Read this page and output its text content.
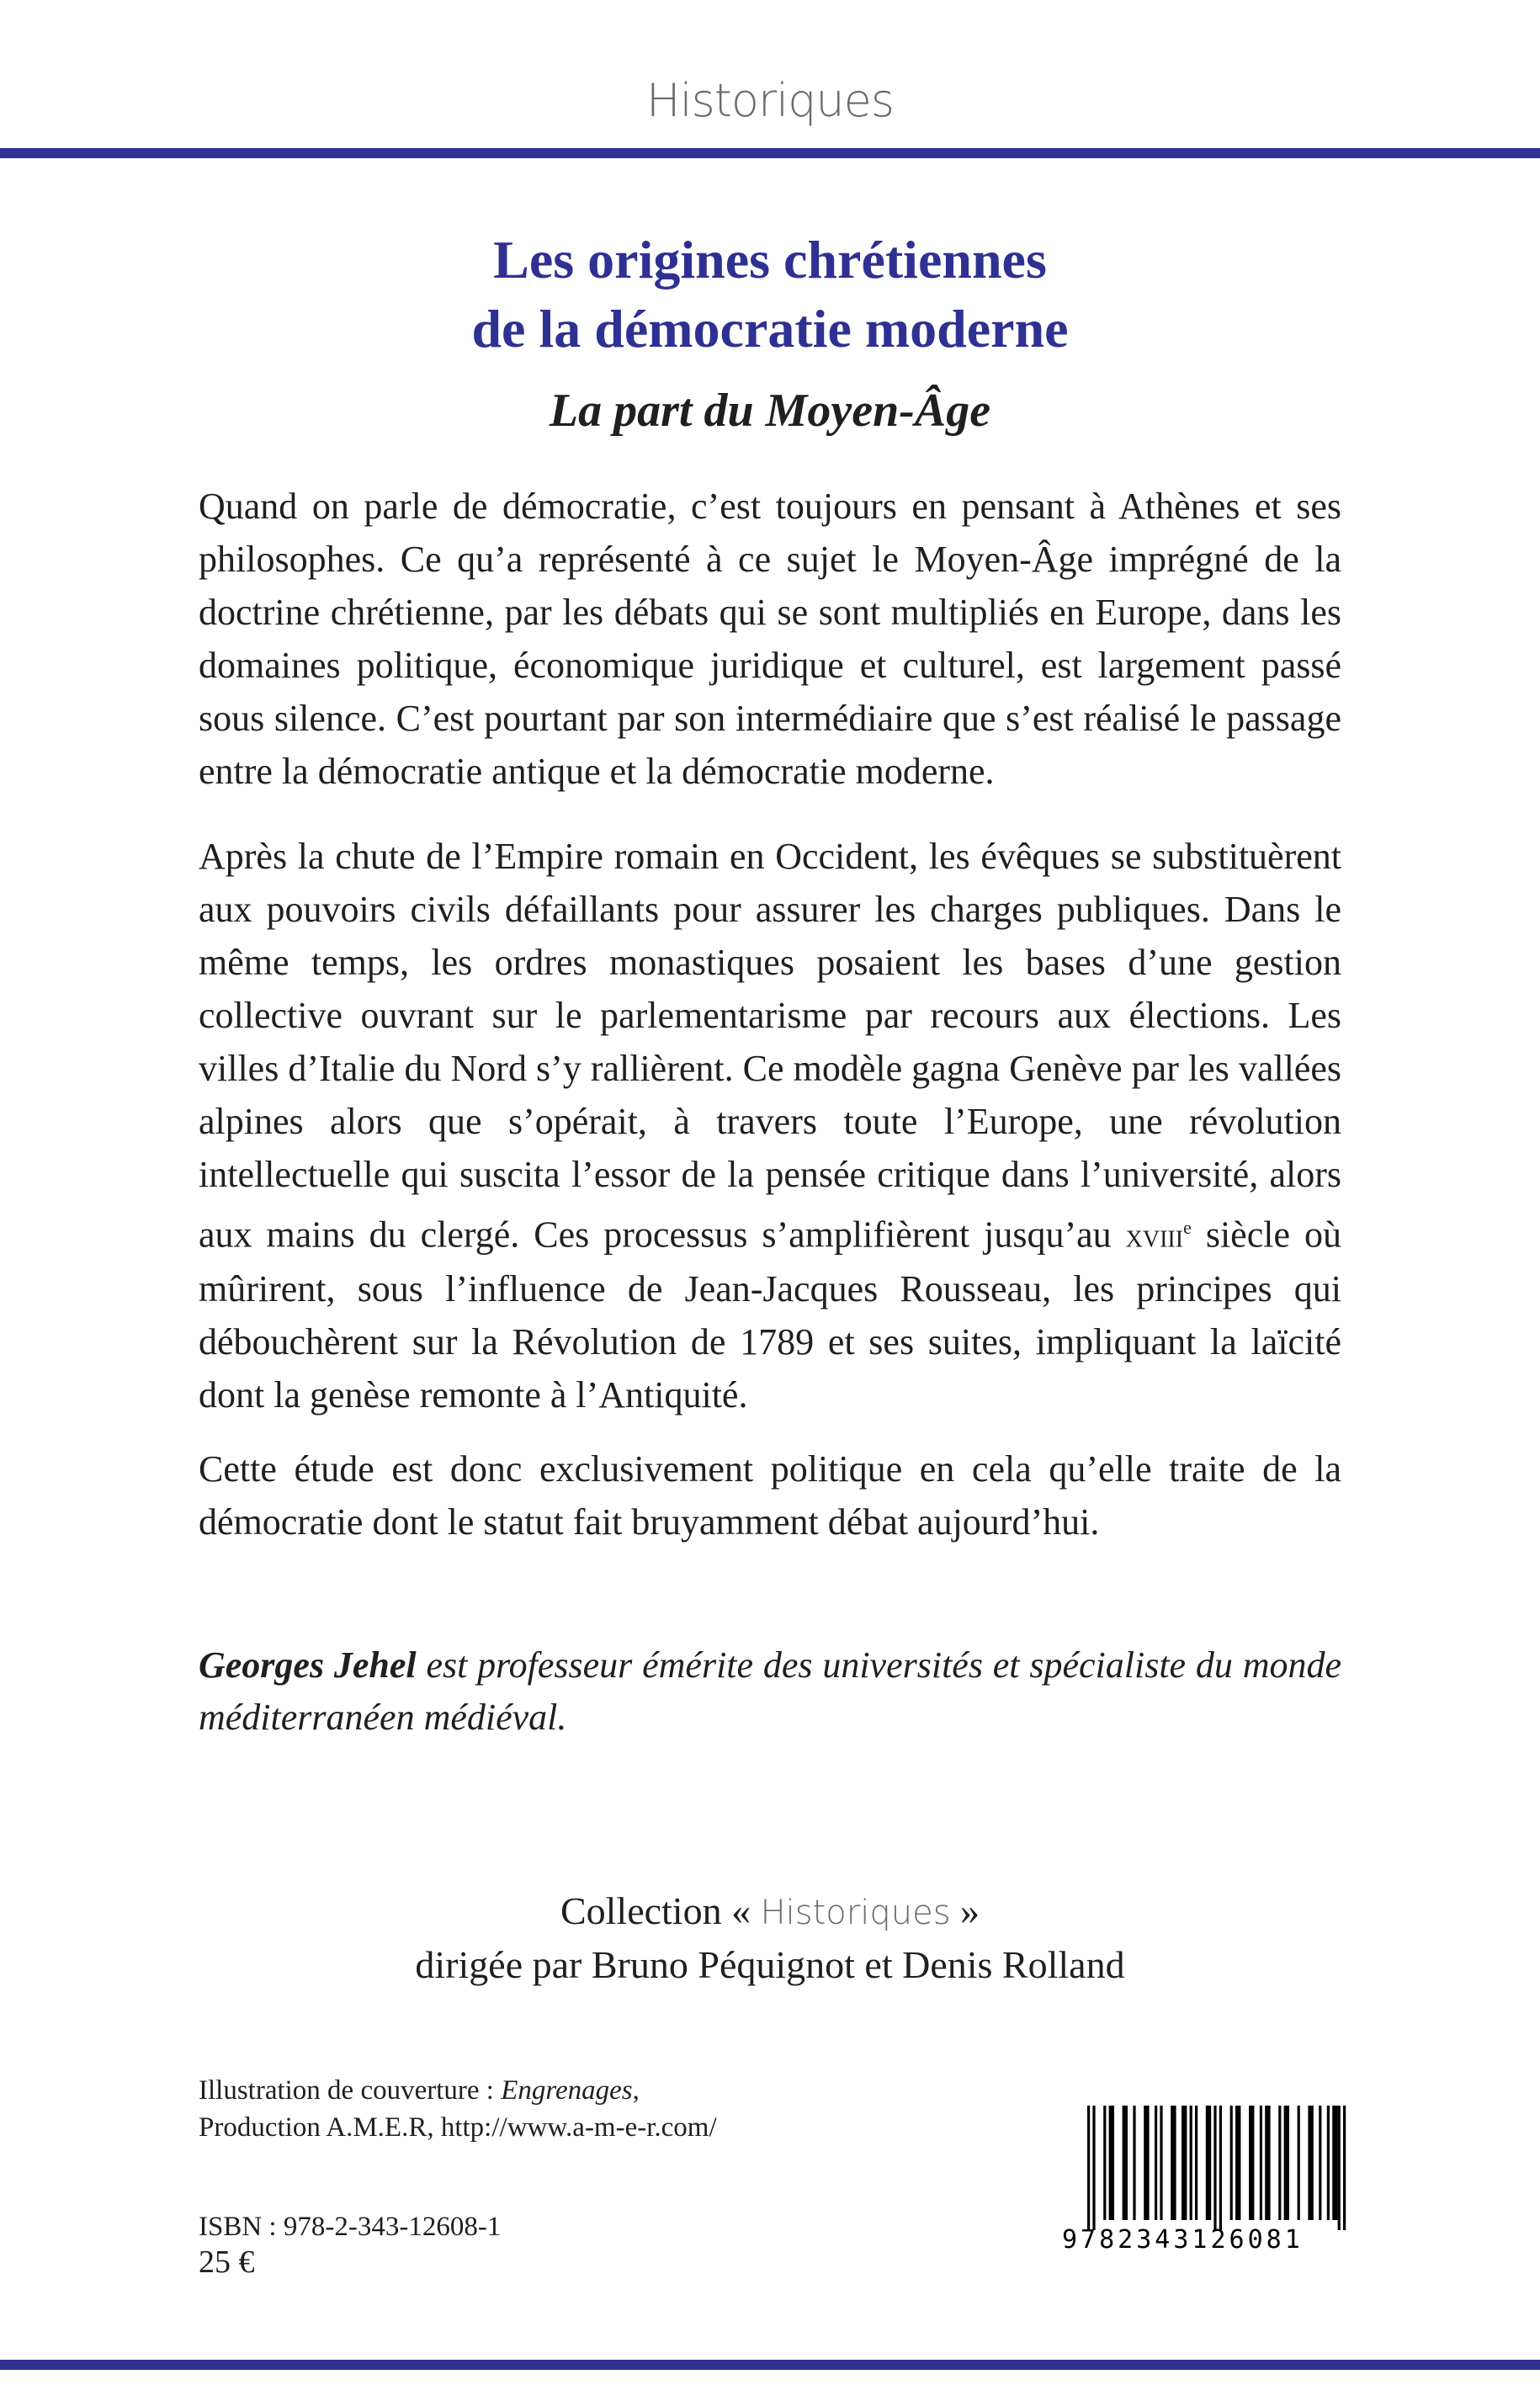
Historiques
Les origines chrétiennes
de la démocratie moderne
La part du Moyen-Âge

Quand on parle de démocratie, c’est toujours en pensant à Athènes et ses philosophes. Ce qu’a représenté à ce sujet le Moyen-Âge imprégné de la doctrine chrétienne, par les débats qui se sont multipliés en Europe, dans les domaines politique, économique juridique et culturel, est largement passé sous silence. C’est pourtant par son intermédiaire que s’est réalisé le passage entre la démocratie antique et la démocratie moderne.

Après la chute de l’Empire romain en Occident, les évêques se substituèrent aux pouvoirs civils défaillants pour assurer les charges publiques. Dans le même temps, les ordres monastiques posaient les bases d’une gestion collective ouvrant sur le parlementarisme par recours aux élections. Les villes d’Italie du Nord s’y rallièrent. Ce modèle gagna Genève par les vallées alpines alors que s’opérait, à travers toute l’Europe, une révolution intellectuelle qui suscita l’essor de la pensée critique dans l’université, alors aux mains du clergé. Ces processus s’amplifièrent jusqu’au xviii$^e$ siècle où mûrirent, sous l’influence de Jean-Jacques Rousseau, les principes qui débouchèrent sur la Révolution de 1789 et ses suites, impliquant la laïcité dont la genèse remonte à l’Antiquité.

Cette étude est donc exclusivement politique en cela qu’elle traite de la démocratie dont le statut fait bruyamment débat aujourd’hui.

Georges Jehel est professeur émérite des universités et spécialiste du monde méditerranéen médiéval.

Collection « Historiques »
dirigée par Bruno Péquignot et Denis Rolland
Illustration de couverture : Engrenages,
Production A.M.E.R, http://www.a-m-e-r.com/
ISBN : 978-2-343-12608-1
25 €
9782343126081
